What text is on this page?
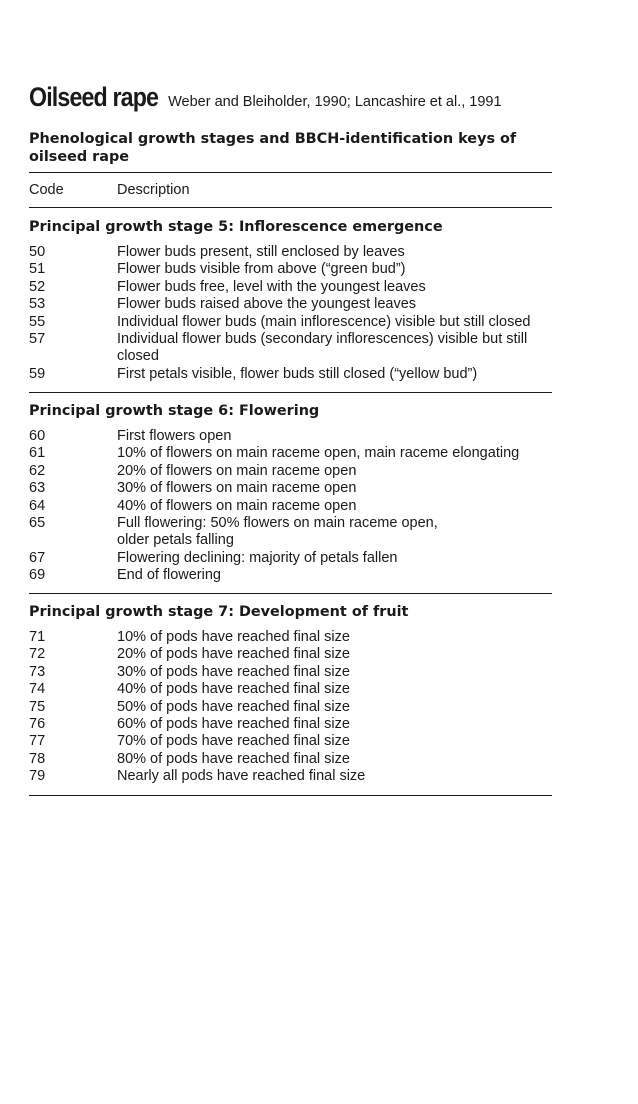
Oilseed rape Weber and Bleiholder, 1990; Lancashire et al., 1991
Phenological growth stages and BBCH-identification keys of oilseed rape
Code	Description
Principal growth stage 5: Inflorescence emergence
50	Flower buds present, still enclosed by leaves
51	Flower buds visible from above (“green bud”)
52	Flower buds free, level with the youngest leaves
53	Flower buds raised above the youngest leaves
55	Individual flower buds (main inflorescence) visible but still closed
57	Individual flower buds (secondary inflorescences) visible but still closed
59	First petals visible, flower buds still closed (“yellow bud”)
Principal growth stage 6: Flowering
60	First flowers open
61	10% of flowers on main raceme open, main raceme elongating
62	20% of flowers on main raceme open
63	30% of flowers on main raceme open
64	40% of flowers on main raceme open
65	Full flowering: 50% flowers on main raceme open,
older petals falling
67	Flowering declining: majority of petals fallen
69	End of flowering
Principal growth stage 7: Development of fruit
71	10% of pods have reached final size
72	20% of pods have reached final size
73	30% of pods have reached final size
74	40% of pods have reached final size
75	50% of pods have reached final size
76	60% of pods have reached final size
77	70% of pods have reached final size
78	80% of pods have reached final size
79	Nearly all pods have reached final size
